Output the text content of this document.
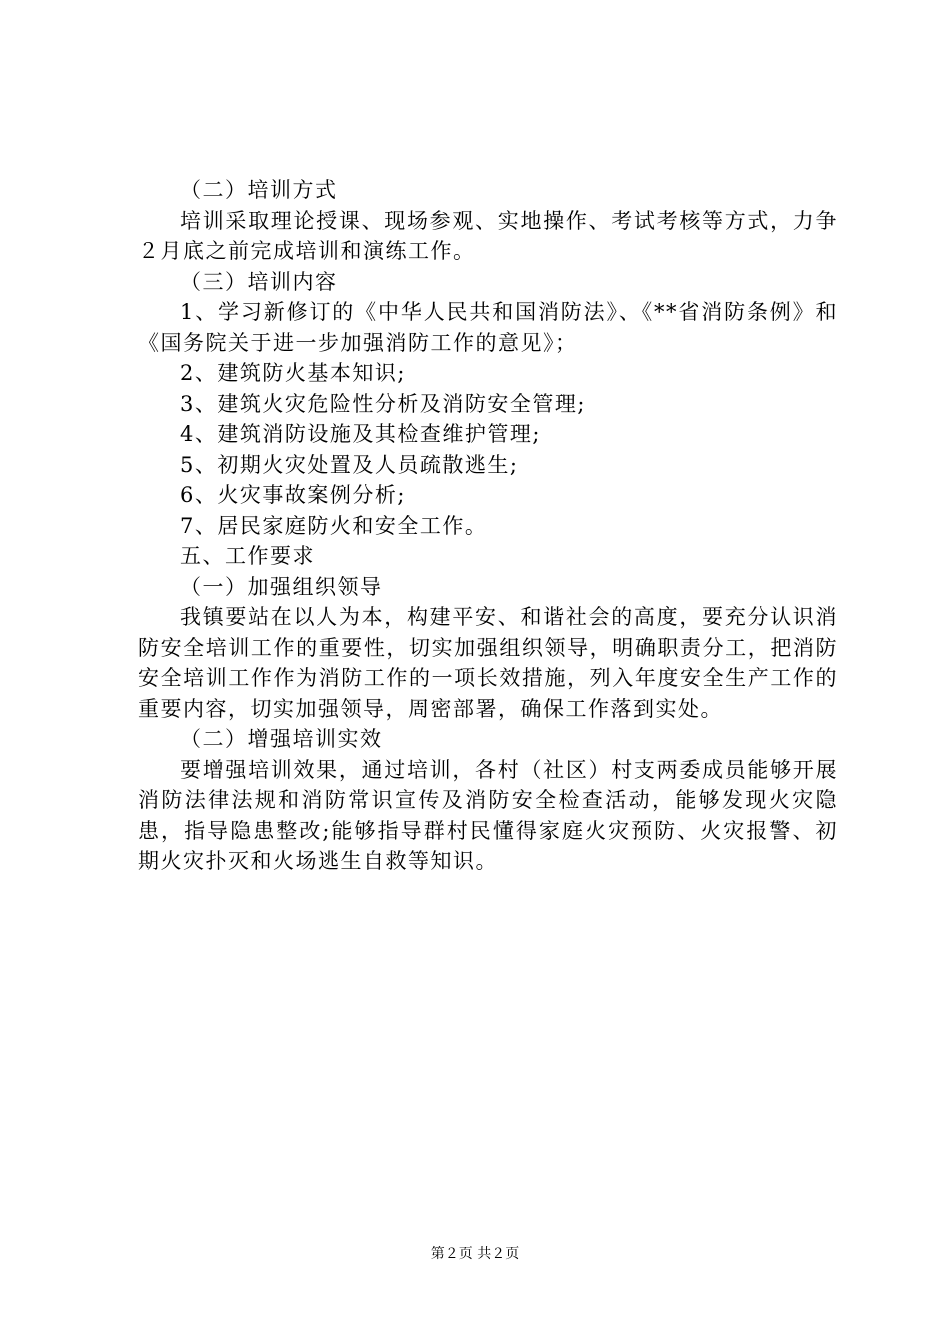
（二）培训方式
培训采取理论授课、现场参观、实地操作、考试考核等方式，力争２月底之前完成培训和演练工作。
（三）培训内容
1、学习新修订的《中华人民共和国消防法》、《**省消防条例》和《国务院关于进一步加强消防工作的意见》；
2、建筑防火基本知识;
3、建筑火灾危险性分析及消防安全管理;
4、建筑消防设施及其检查维护管理;
5、初期火灾处置及人员疏散逃生;
6、火灾事故案例分析;
7、居民家庭防火和安全工作。
五、工作要求
（一）加强组织领导
我镇要站在以人为本，构建平安、和谐社会的高度，要充分认识消防安全培训工作的重要性，切实加强组织领导，明确职责分工，把消防安全培训工作作为消防工作的一项长效措施，列入年度安全生产工作的重要内容，切实加强领导，周密部署，确保工作落到实处。
（二）增强培训实效
要增强培训效果，通过培训，各村（社区）村支两委成员能够开展消防法律法规和消防常识宣传及消防安全检查活动，能够发现火灾隐患，指导隐患整改;能够指导群村民懂得家庭火灾预防、火灾报警、初期火灾扑灭和火场逃生自救等知识。
第２页 共２页
